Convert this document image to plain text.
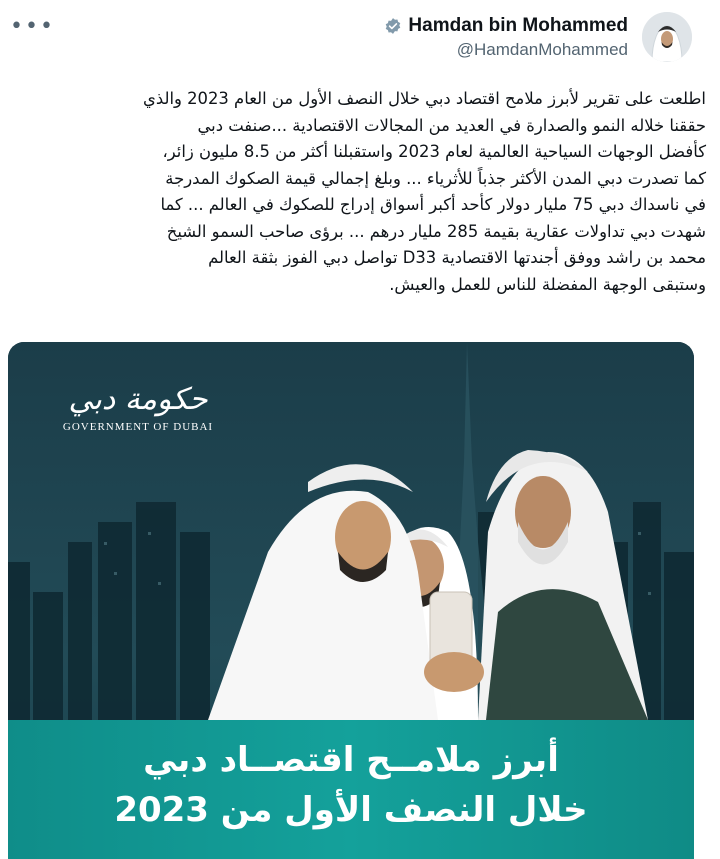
•••	Hamdan bin Mohammed
@HamdanMohammed

اطلعت على تقرير لأبرز ملامح اقتصاد دبي خلال النصف الأول من العام 2023 والذي

حققنا خلاله النمو والصدارة في العديد من المجالات الاقتصادية ...صنفت دبي

كأفضل الوجهات السياحية العالمية لعام 2023 واستقبلنا أكثر من 8.5 مليون زائر،

كما تصدرت دبي المدن الأكثر جذباً للأثرياء ... وبلغ إجمالي قيمة الصكوك المدرجة

في ناسداك دبي 75 مليار دولار كأحد أكبر أسواق إدراج للصكوك في العالم ... كما

شهدت دبي تداولات عقارية بقيمة 285 مليار درهم ... برؤى صاحب السمو الشيخ

محمد بن راشد ووفق أجندتها الاقتصادية D33 تواصل دبي الفوز بثقة العالم

وستبقى الوجهة المفضلة للناس للعمل والعيش.

حكومة دبي
GOVERNMENT OF DUBAI
أبرز ملامــح اقتصــاد دبي
خلال النصف الأول من 2023
